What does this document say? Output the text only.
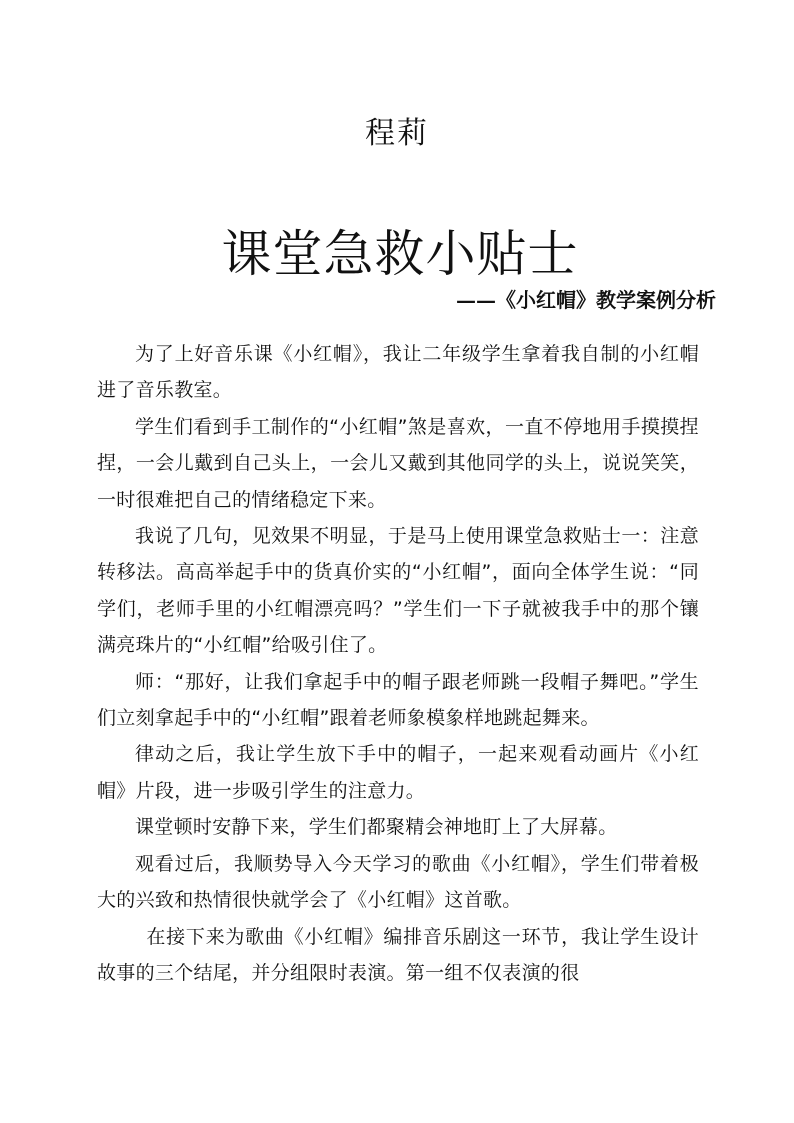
程莉
课堂急救小贴士
——《小红帽》教学案例分析

为了上好音乐课《小红帽》，我让二年级学生拿着我自制的小红帽进了音乐教室。

学生们看到手工制作的“小红帽”煞是喜欢，一直不停地用手摸摸捏捏，一会儿戴到自己头上，一会儿又戴到其他同学的头上，说说笑笑，一时很难把自己的情绪稳定下来。

我说了几句，见效果不明显，于是马上使用课堂急救贴士一：注意转移法。高高举起手中的货真价实的“小红帽”，面向全体学生说：“同学们，老师手里的小红帽漂亮吗？”学生们一下子就被我手中的那个镶满亮珠片的“小红帽”给吸引住了。

师：“那好，让我们拿起手中的帽子跟老师跳一段帽子舞吧。”学生们立刻拿起手中的“小红帽”跟着老师象模象样地跳起舞来。

律动之后，我让学生放下手中的帽子，一起来观看动画片《小红帽》片段，进一步吸引学生的注意力。

课堂顿时安静下来，学生们都聚精会神地盯上了大屏幕。

观看过后，我顺势导入今天学习的歌曲《小红帽》，学生们带着极大的兴致和热情很快就学会了《小红帽》这首歌。

在接下来为歌曲《小红帽》编排音乐剧这一环节，我让学生设计故事的三个结尾，并分组限时表演。第一组不仅表演的很
